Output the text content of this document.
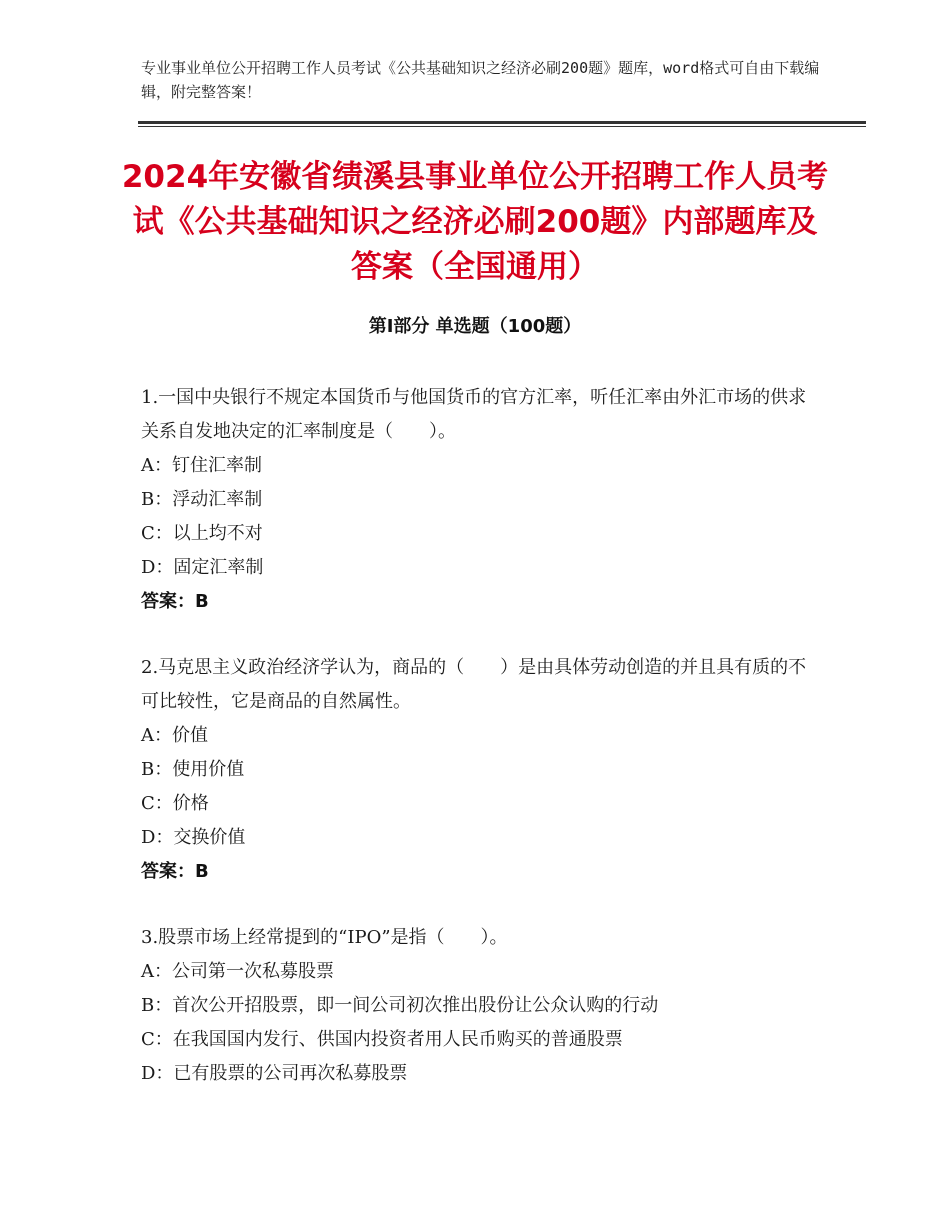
专业事业单位公开招聘工作人员考试《公共基础知识之经济必刷200题》题库，word格式可自由下载编辑，附完整答案！
2024年安徽省绩溪县事业单位公开招聘工作人员考试《公共基础知识之经济必刷200题》内部题库及答案（全国通用）
第Ⅰ部分 单选题（100题）
1.一国中央银行不规定本国货币与他国货币的官方汇率，听任汇率由外汇市场的供求关系自发地决定的汇率制度是（　　）。
A：钉住汇率制
B：浮动汇率制
C：以上均不对
D：固定汇率制
答案：B
2.马克思主义政治经济学认为，商品的（　　）是由具体劳动创造的并且具有质的不可比较性，它是商品的自然属性。
A：价值
B：使用价值
C：价格
D：交换价值
答案：B
3.股票市场上经常提到的“IPO”是指（　　）。
A：公司第一次私募股票
B：首次公开招股票，即一间公司初次推出股份让公众认购的行动
C：在我国国内发行、供国内投资者用人民币购买的普通股票
D：已有股票的公司再次私募股票
